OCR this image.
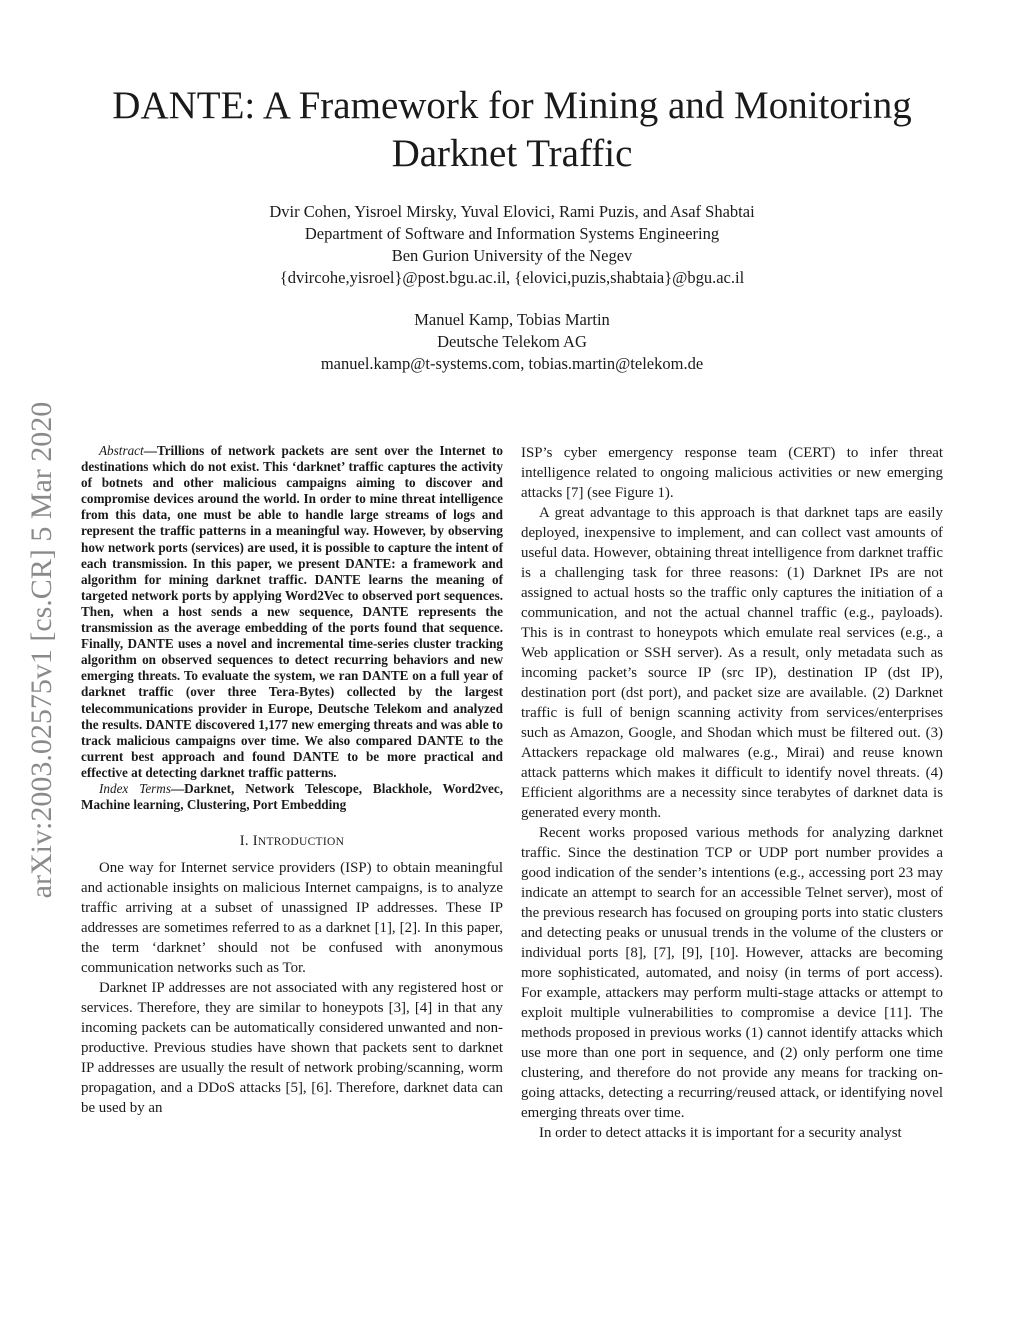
DANTE: A Framework for Mining and Monitoring
Darknet Traffic
Dvir Cohen, Yisroel Mirsky, Yuval Elovici, Rami Puzis, and Asaf Shabtai
Department of Software and Information Systems Engineering
Ben Gurion University of the Negev
{dvircohe,yisroel}@post.bgu.ac.il, {elovici,puzis,shabtaia}@bgu.ac.il
Manuel Kamp, Tobias Martin
Deutsche Telekom AG
manuel.kamp@t-systems.com, tobias.martin@telekom.de
arXiv:2003.02575v1 [cs.CR] 5 Mar 2020	Abstract—Trillions of network packets are sent over the Internet to destinations which do not exist. This ‘darknet’ traffic captures the activity of botnets and other malicious campaigns aiming to discover and compromise devices around the world. In order to mine threat intelligence from this data, one must be able to handle large streams of logs and represent the traffic patterns in a meaningful way. However, by observing how network ports (services) are used, it is possible to capture the intent of each transmission. In this paper, we present DANTE: a framework and algorithm for mining darknet traffic. DANTE learns the meaning of targeted network ports by applying Word2Vec to observed port sequences. Then, when a host sends a new sequence, DANTE represents the transmission as the average embedding of the ports found that sequence. Finally, DANTE uses a novel and incremental time-series cluster tracking algorithm on observed sequences to detect recurring behaviors and new emerging threats. To evaluate the system, we ran DANTE on a full year of darknet traffic (over three Tera-Bytes) collected by the largest telecommunications provider in Europe, Deutsche Telekom and analyzed the results. DANTE discovered 1,177 new emerging threats and was able to track malicious campaigns over time. We also compared DANTE to the current best approach and found DANTE to be more practical and effective at detecting darknet traffic patterns.

Index Terms—Darknet, Network Telescope, Blackhole, Word2vec, Machine learning, Clustering, Port Embedding

I. INTRODUCTION

One way for Internet service providers (ISP) to obtain meaningful and actionable insights on malicious Internet campaigns, is to analyze traffic arriving at a subset of unassigned IP addresses. These IP addresses are sometimes referred to as a darknet [1], [2]. In this paper, the term ‘darknet’ should not be confused with anonymous communication networks such as Tor.

Darknet IP addresses are not associated with any registered host or services. Therefore, they are similar to honeypots [3], [4] in that any incoming packets can be automatically considered unwanted and non-productive. Previous studies have shown that packets sent to darknet IP addresses are usually the result of network probing/scanning, worm propagation, and a DDoS attacks [5], [6]. Therefore, darknet data can be used by an

ISP’s cyber emergency response team (CERT) to infer threat intelligence related to ongoing malicious activities or new emerging attacks [7] (see Figure 1).

A great advantage to this approach is that darknet taps are easily deployed, inexpensive to implement, and can collect vast amounts of useful data. However, obtaining threat intelligence from darknet traffic is a challenging task for three reasons: (1) Darknet IPs are not assigned to actual hosts so the traffic only captures the initiation of a communication, and not the actual channel traffic (e.g., payloads). This is in contrast to honeypots which emulate real services (e.g., a Web application or SSH server). As a result, only metadata such as incoming packet’s source IP (src IP), destination IP (dst IP), destination port (dst port), and packet size are available. (2) Darknet traffic is full of benign scanning activity from services/enterprises such as Amazon, Google, and Shodan which must be filtered out. (3) Attackers repackage old malwares (e.g., Mirai) and reuse known attack patterns which makes it difficult to identify novel threats. (4) Efficient algorithms are a necessity since terabytes of darknet data is generated every month.

Recent works proposed various methods for analyzing darknet traffic. Since the destination TCP or UDP port number provides a good indication of the sender’s intentions (e.g., accessing port 23 may indicate an attempt to search for an accessible Telnet server), most of the previous research has focused on grouping ports into static clusters and detecting peaks or unusual trends in the volume of the clusters or individual ports [8], [7], [9], [10]. However, attacks are becoming more sophisticated, automated, and noisy (in terms of port access). For example, attackers may perform multi-stage attacks or attempt to exploit multiple vulnerabilities to compromise a device [11]. The methods proposed in previous works (1) cannot identify attacks which use more than one port in sequence, and (2) only perform one time clustering, and therefore do not provide any means for tracking on-going attacks, detecting a recurring/reused attack, or identifying novel emerging threats over time.

In order to detect attacks it is important for a security analyst
